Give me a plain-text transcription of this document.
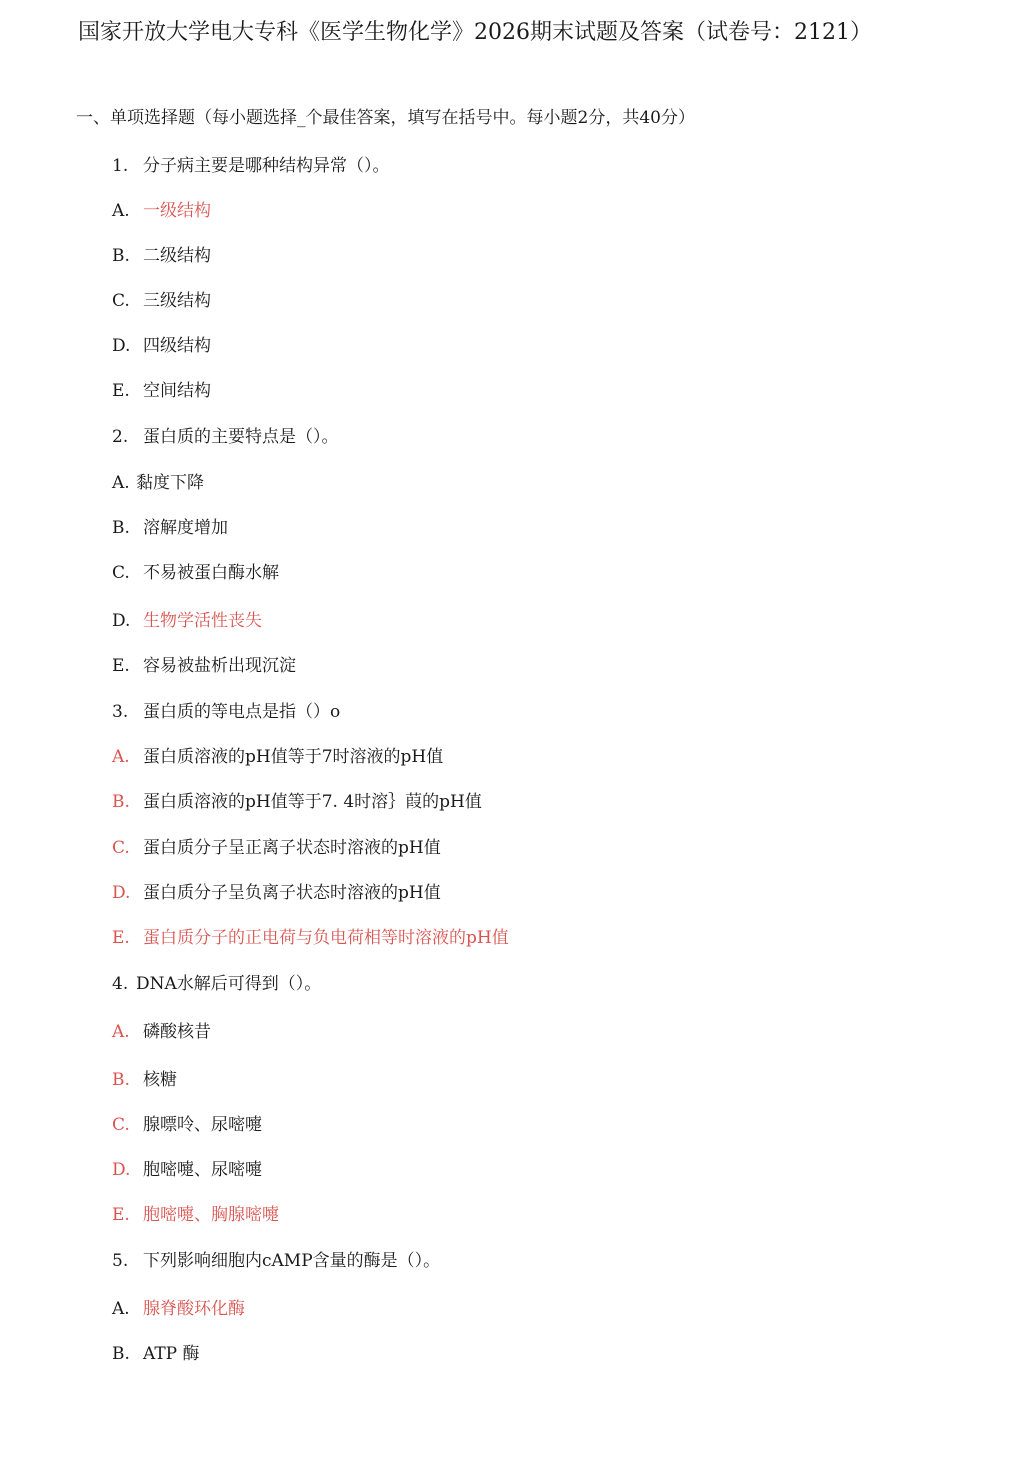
国家开放大学电大专科《医学生物化学》2026期末试题及答案（试卷号：2121）
一、单项选择题（每小题选择_个最佳答案，填写在括号中。每小题2分，共40分）
1. 分子病主要是哪种结构异常（）。
A. 一级结构
B. 二级结构
C. 三级结构
D. 四级结构
E. 空间结构
2. 蛋白质的主要特点是（）。
A. 黏度下降
B. 溶解度增加
C. 不易被蛋白酶水解
D. 生物学活性丧失
E. 容易被盐析出现沉淀
3. 蛋白质的等电点是指（）o
A. 蛋白质溶液的pH值等于7时溶液的pH值
B. 蛋白质溶液的pH值等于7. 4时溶｝葭的pH值
C. 蛋白质分子呈正离子状态时溶液的pH值
D. 蛋白质分子呈负离子状态时溶液的pH值
E. 蛋白质分子的正电荷与负电荷相等时溶液的pH值
4. DNA水解后可得到（）。
A. 磷酸核昔
B. 核糖
C. 腺嘌呤、尿嘧嚏
D. 胞嘧嚏、尿嘧嚏
E. 胞嘧嚏、胸腺嘧嚏
5. 下列影响细胞内cAMP含量的酶是（）。
A. 腺脊酸环化酶
B. ATP 酶
